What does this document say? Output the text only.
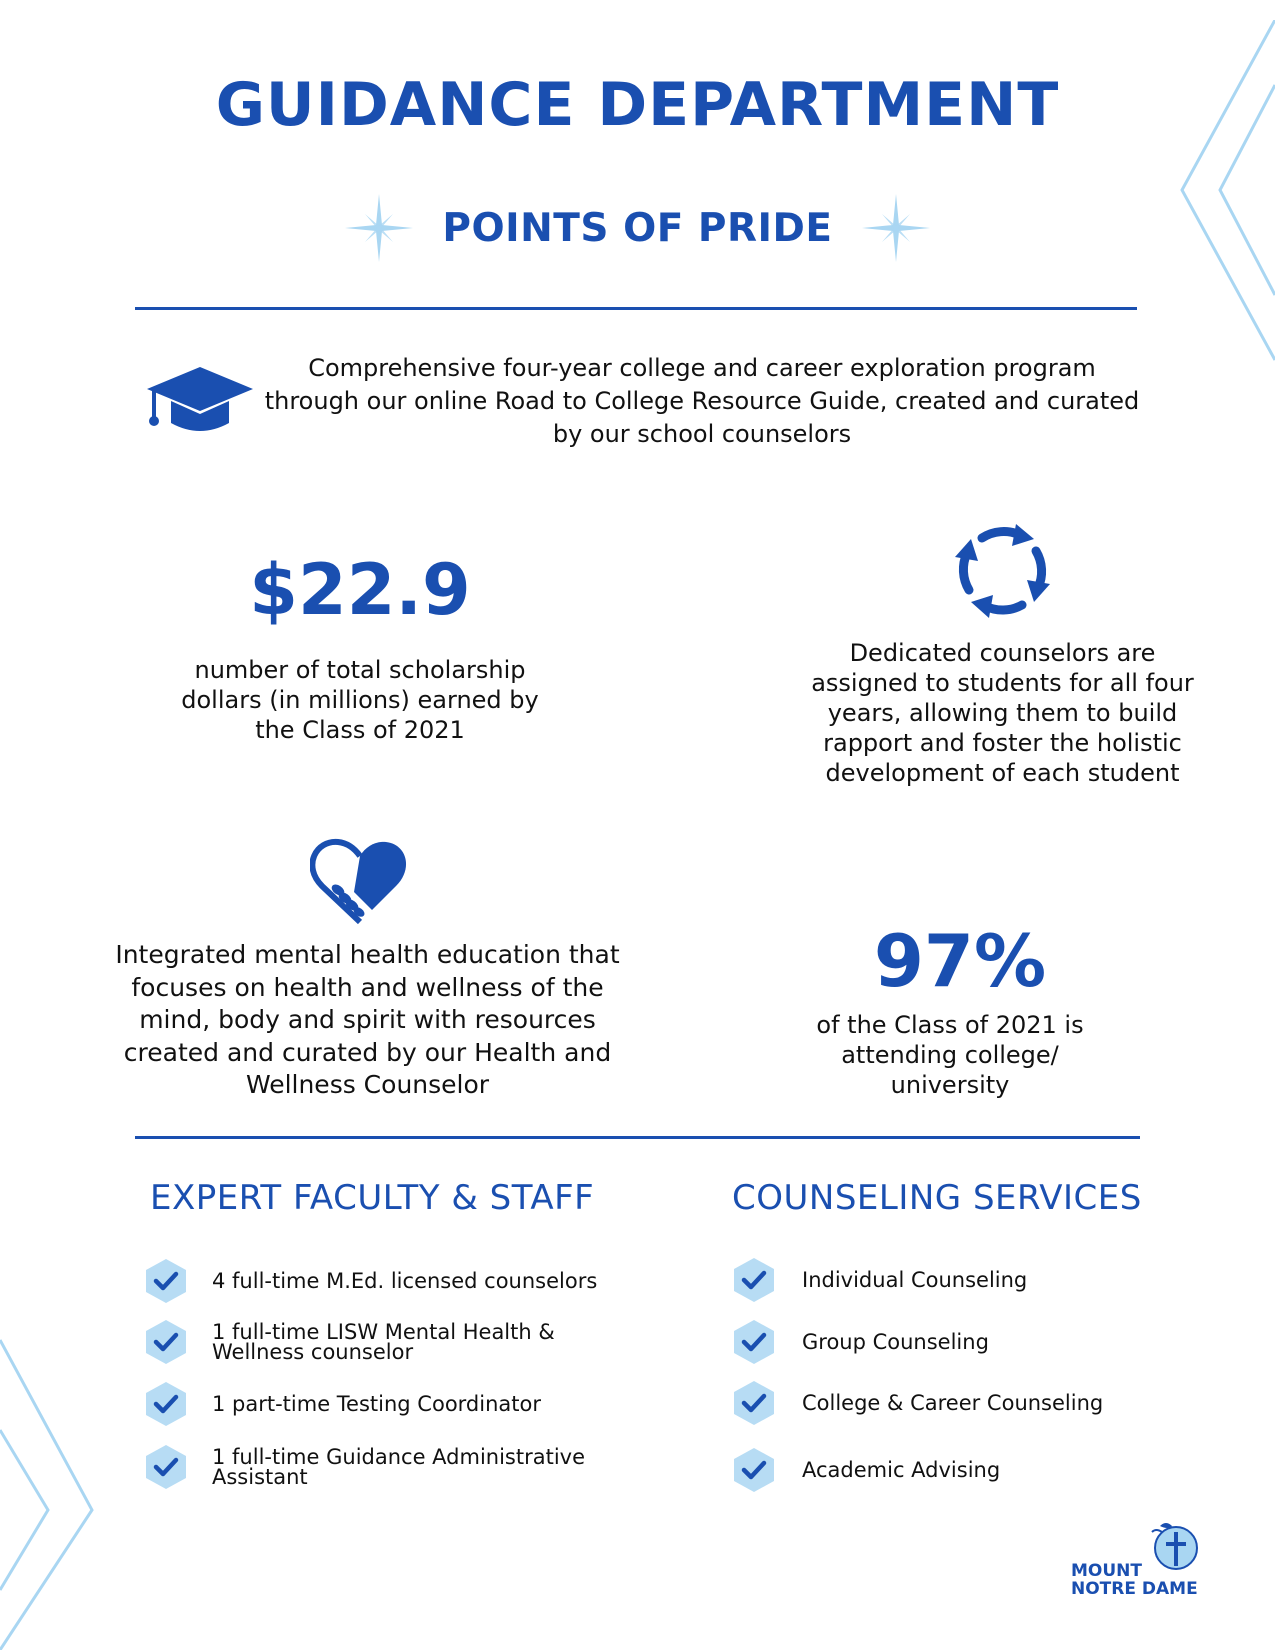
GUIDANCE DEPARTMENT
POINTS OF PRIDE
Comprehensive four-year college and career exploration program through our online Road to College Resource Guide, created and curated by our school counselors
$22.9
number of total scholarship
dollars (in millions) earned by
the Class of 2021
Dedicated counselors are assigned to students for all four years, allowing them to build rapport and foster the holistic development of each student
Integrated mental health education that focuses on health and wellness of the mind, body and spirit with resources created and curated by our Health and Wellness Counselor
97%
of the Class of 2021 is
attending college/
university
EXPERT FACULTY & STAFF	COUNSELING SERVICES
4 full-time M.Ed. licensed counselors
1 full-time LISW Mental Health &
Wellness counselor
1 part-time Testing Coordinator
1 full-time Guidance Administrative
Assistant
Individual Counseling
Group Counseling
College & Career Counseling
Academic Advising
MOUNT
NOTRE DAME
